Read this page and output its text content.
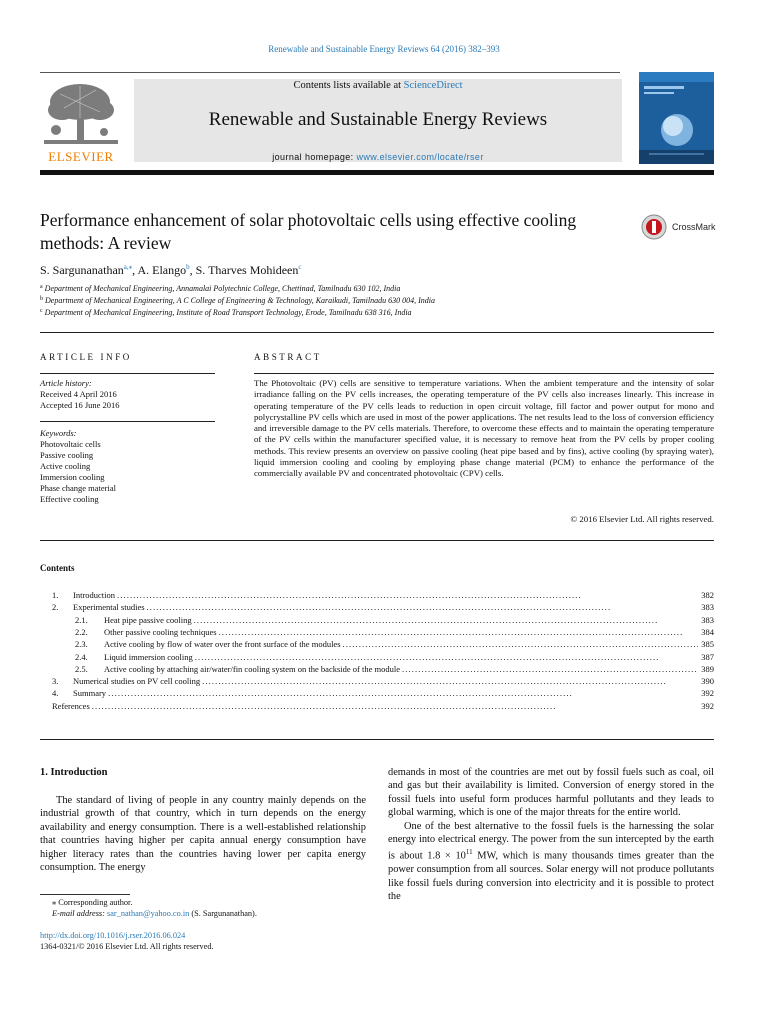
Renewable and Sustainable Energy Reviews 64 (2016) 382–393
Contents lists available at ScienceDirect
Renewable and Sustainable Energy Reviews
journal homepage: www.elsevier.com/locate/rser
ELSEVIER
Performance enhancement of solar photovoltaic cells using effective cooling methods: A review
CrossMark
S. Sargunanathan$^{a,⁎}$, A. Elango$^b$, S. Tharves Mohideen$^c$
$^a$ Department of Mechanical Engineering, Annamalai Polytechnic College, Chettinad, Tamilnadu 630 102, India
$^b$ Department of Mechanical Engineering, A C College of Engineering & Technology, Karaikudi, Tamilnadu 630 004, India
$^c$ Department of Mechanical Engineering, Institute of Road Transport Technology, Erode, Tamilnadu 638 316, India
ARTICLE INFO	ABSTRACT
Article history:
Received 4 April 2016
Accepted 16 June 2016
Keywords:
Photovoltaic cells
Passive cooling
Active cooling
Immersion cooling
Phase change material
Effective cooling
The Photovoltaic (PV) cells are sensitive to temperature variations. When the ambient temperature and the intensity of solar irradiance falling on the PV cells increases, the operating temperature of the PV cells also increases linearly. This increase in operating temperature of the PV cells leads to reduction in open circuit voltage, fill factor and power output for mono and polycrystalline PV cells which are used in most of the power applications. The net results lead to the loss of conversion efficiency and irreversible damage to the PV cells materials. Therefore, to overcome these effects and to maintain the operating temperature of the PV cells within the manufacturer specified value, it is necessary to remove heat from the PV cells by proper cooling methods. This review presents an overview on passive cooling (heat pipe based and by fins), active cooling (by spraying water), liquid immersion cooling and cooling by employing phase change material (PCM) to enhance the performance of the commercially available PV and concentrated photovoltaic (CPV) cells.
© 2016 Elsevier Ltd. All rights reserved.
Contents
1.	Introduction . . .	382
2.	Experimental studies . . .	383
2.1.	Heat pipe passive cooling . . .	383
2.2.	Other passive cooling techniques . . .	384
2.3.	Active cooling by flow of water over the front surface of the modules . . .	385
2.4.	Liquid immersion cooling . . .	387
2.5.	Active cooling by attaching air/water/fin cooling system on the backside of the module . . .	389
3.	Numerical studies on PV cell cooling . . .	390
4.	Summary . . .	392
References . . .	392
1. Introduction
The standard of living of people in any country mainly depends on the industrial growth of that country, which in turn depends on the energy availability and energy consumption. There is a well-established relationship that countries having higher per capita annual energy consumption have higher literacy rates than the countries having lower per capita energy consumption. The energy

demands in most of the countries are met out by fossil fuels such as coal, oil and gas but their availability is limited. Conversion of energy stored in the fossil fuels into useful form produces harmful pollutants and they leads to global warming, which is one of the major threats for the entire world.

One of the best alternative to the fossil fuels is the harnessing the solar energy into electrical energy. The power from the sun intercepted by the earth is about $1.8 \times 10^{11}$ MW, which is many thousands times greater than the power consumption from all sources. Solar energy will not produce pollutants like fossil fuels during conversion into electricity and it is possible to protect the

⁎ Corresponding author.
E-mail address: sar_nathan@yahoo.co.in (S. Sargunanathan).
http://dx.doi.org/10.1016/j.rser.2016.06.024
1364-0321/© 2016 Elsevier Ltd. All rights reserved.
